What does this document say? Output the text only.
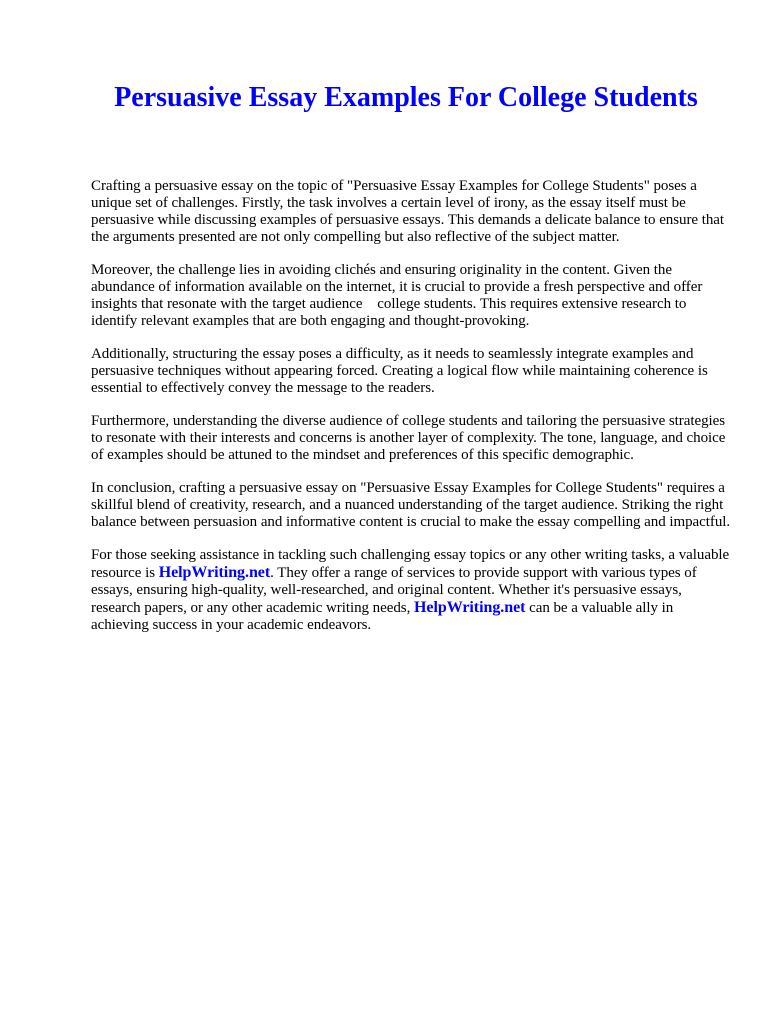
Persuasive Essay Examples For College Students

Crafting a persuasive essay on the topic of "Persuasive Essay Examples for College Students" poses a unique set of challenges. Firstly, the task involves a certain level of irony, as the essay itself must be persuasive while discussing examples of persuasive essays. This demands a delicate balance to ensure that the arguments presented are not only compelling but also reflective of the subject matter.

Moreover, the challenge lies in avoiding clichés and ensuring originality in the content. Given the abundance of information available on the internet, it is crucial to provide a fresh perspective and offer insights that resonate with the target audience    college students. This requires extensive research to identify relevant examples that are both engaging and thought-provoking.

Additionally, structuring the essay poses a difficulty, as it needs to seamlessly integrate examples and persuasive techniques without appearing forced. Creating a logical flow while maintaining coherence is essential to effectively convey the message to the readers.

Furthermore, understanding the diverse audience of college students and tailoring the persuasive strategies to resonate with their interests and concerns is another layer of complexity. The tone, language, and choice of examples should be attuned to the mindset and preferences of this specific demographic.

In conclusion, crafting a persuasive essay on "Persuasive Essay Examples for College Students" requires a skillful blend of creativity, research, and a nuanced understanding of the target audience. Striking the right balance between persuasion and informative content is crucial to make the essay compelling and impactful.

For those seeking assistance in tackling such challenging essay topics or any other writing tasks, a valuable resource is HelpWriting.net. They offer a range of services to provide support with various types of essays, ensuring high-quality, well-researched, and original content. Whether it's persuasive essays, research papers, or any other academic writing needs, HelpWriting.net can be a valuable ally in achieving success in your academic endeavors.
